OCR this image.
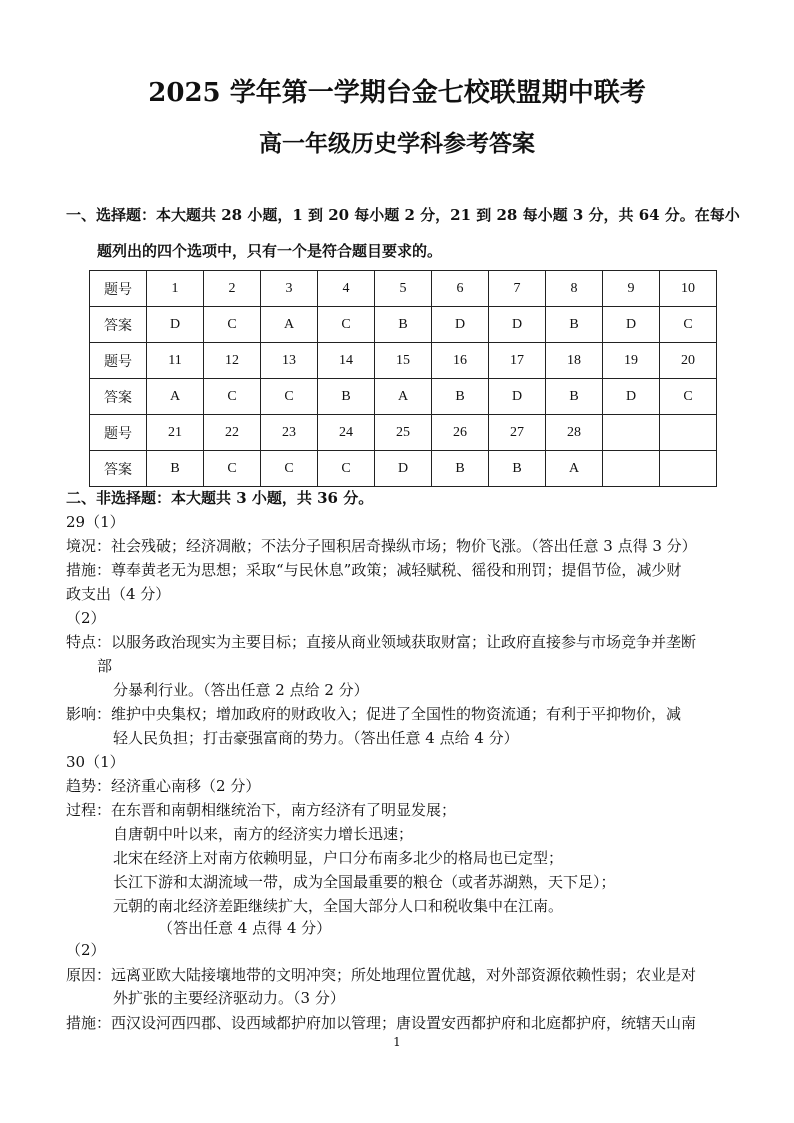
2025 学年第一学期台金七校联盟期中联考
高一年级历史学科参考答案
一、选择题：本大题共 28 小题，1 到 20 每小题 2 分，21 到 28 每小题 3 分，共 64 分。在每小
题列出的四个选项中，只有一个是符合题目要求的。
题号	1	2	3	4	5	6	7	8	9	10
答案	D	C	A	C	B	D	D	B	D	C
题号	11	12	13	14	15	16	17	18	19	20
答案	A	C	C	B	A	B	D	B	D	C
题号	21	22	23	24	25	26	27	28		
答案	B	C	C	C	D	B	B	A		
二、非选择题：本大题共 3 小题，共 36 分。
29（1）
境况：社会残破；经济凋敝；不法分子囤积居奇操纵市场；物价飞涨。（答出任意 3 点得 3 分）
措施：尊奉黄老无为思想；采取“与民休息”政策；减轻赋税、徭役和刑罚；提倡节俭，减少财
政支出（4 分）
（2）
特点：以服务政治现实为主要目标；直接从商业领域获取财富；让政府直接参与市场竞争并垄断
部
分暴利行业。（答出任意 2 点给 2 分）
影响：维护中央集权；增加政府的财政收入；促进了全国性的物资流通；有利于平抑物价，减
轻人民负担；打击豪强富商的势力。（答出任意 4 点给 4 分）
30（1）
趋势：经济重心南移（2 分）
过程：在东晋和南朝相继统治下，南方经济有了明显发展；
自唐朝中叶以来，南方的经济实力增长迅速；
北宋在经济上对南方依赖明显，户口分布南多北少的格局也已定型；
长江下游和太湖流域一带，成为全国最重要的粮仓（或者苏湖熟，天下足）；
元朝的南北经济差距继续扩大，全国大部分人口和税收集中在江南。
（答出任意 4 点得 4 分）
（2）
原因：远离亚欧大陆接壤地带的文明冲突；所处地理位置优越，对外部资源依赖性弱；农业是对
外扩张的主要经济驱动力。（3 分）
措施：西汉设河西四郡、设西域都护府加以管理；唐设置安西都护府和北庭都护府，统辖天山南
1
